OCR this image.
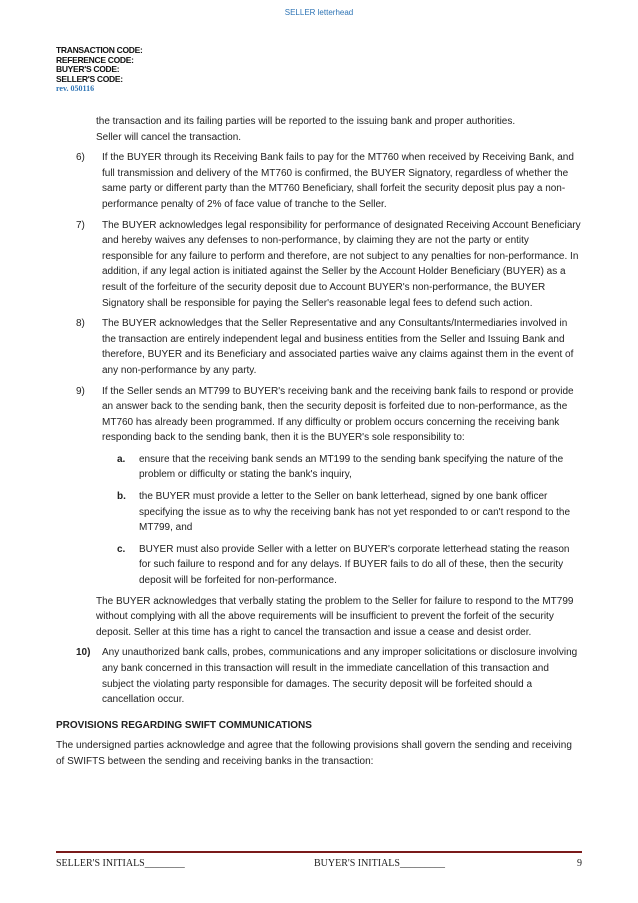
SELLER letterhead
TRANSACTION CODE:
REFERENCE CODE:
BUYER'S CODE:
SELLER'S CODE:
rev. 050116
the transaction and its failing parties will be reported to the issuing bank and proper authorities.
Seller will cancel the transaction.
6)	If the BUYER through its Receiving Bank fails to pay for the MT760 when received by Receiving Bank, and full transmission and delivery of the MT760 is confirmed, the BUYER Signatory, regardless of whether the same party or different party than the MT760 Beneficiary, shall forfeit the security deposit plus pay a non-performance penalty of 2% of face value of tranche to the Seller.
7)	The BUYER acknowledges legal responsibility for performance of designated Receiving Account Beneficiary and hereby waives any defenses to non-performance, by claiming they are not the party or entity responsible for any failure to perform and therefore, are not subject to any penalties for non-performance. In addition, if any legal action is initiated against the Seller by the Account Holder Beneficiary (BUYER) as a result of the forfeiture of the security deposit due to Account BUYER's non-performance, the BUYER Signatory shall be responsible for paying the Seller's reasonable legal fees to defend such action.
8)	The BUYER acknowledges that the Seller Representative and any Consultants/Intermediaries involved in the transaction are entirely independent legal and business entities from the Seller and Issuing Bank and therefore, BUYER and its Beneficiary and associated parties waive any claims against them in the event of any non-performance by any party.
9)	If the Seller sends an MT799 to BUYER's receiving bank and the receiving bank fails to respond or provide an answer back to the sending bank, then the security deposit is forfeited due to non-performance, as the MT760 has already been programmed. If any difficulty or problem occurs concerning the receiving bank responding back to the sending bank, then it is the BUYER's sole responsibility to:
a.	ensure that the receiving bank sends an MT199 to the sending bank specifying the nature of the problem or difficulty or stating the bank's inquiry,
b.	the BUYER must provide a letter to the Seller on bank letterhead, signed by one bank officer specifying the issue as to why the receiving bank has not yet responded to or can't respond to the MT799, and
c.	BUYER must also provide Seller with a letter on BUYER's corporate letterhead stating the reason for such failure to respond and for any delays. If BUYER fails to do all of these, then the security deposit will be forfeited for non-performance.
The BUYER acknowledges that verbally stating the problem to the Seller for failure to respond to the MT799 without complying with all the above requirements will be insufficient to prevent the forfeit of the security deposit. Seller at this time has a right to cancel the transaction and issue a cease and desist order.
10)	Any unauthorized bank calls, probes, communications and any improper solicitations or disclosure involving any bank concerned in this transaction will result in the immediate cancellation of this transaction and subject the violating party responsible for damages. The security deposit will be forfeited should a cancellation occur.
PROVISIONS REGARDING SWIFT COMMUNICATIONS
The undersigned parties acknowledge and agree that the following provisions shall govern the sending and receiving of SWIFTS between the sending and receiving banks in the transaction:
SELLER'S INITIALS________	BUYER'S INITIALS_________	9
